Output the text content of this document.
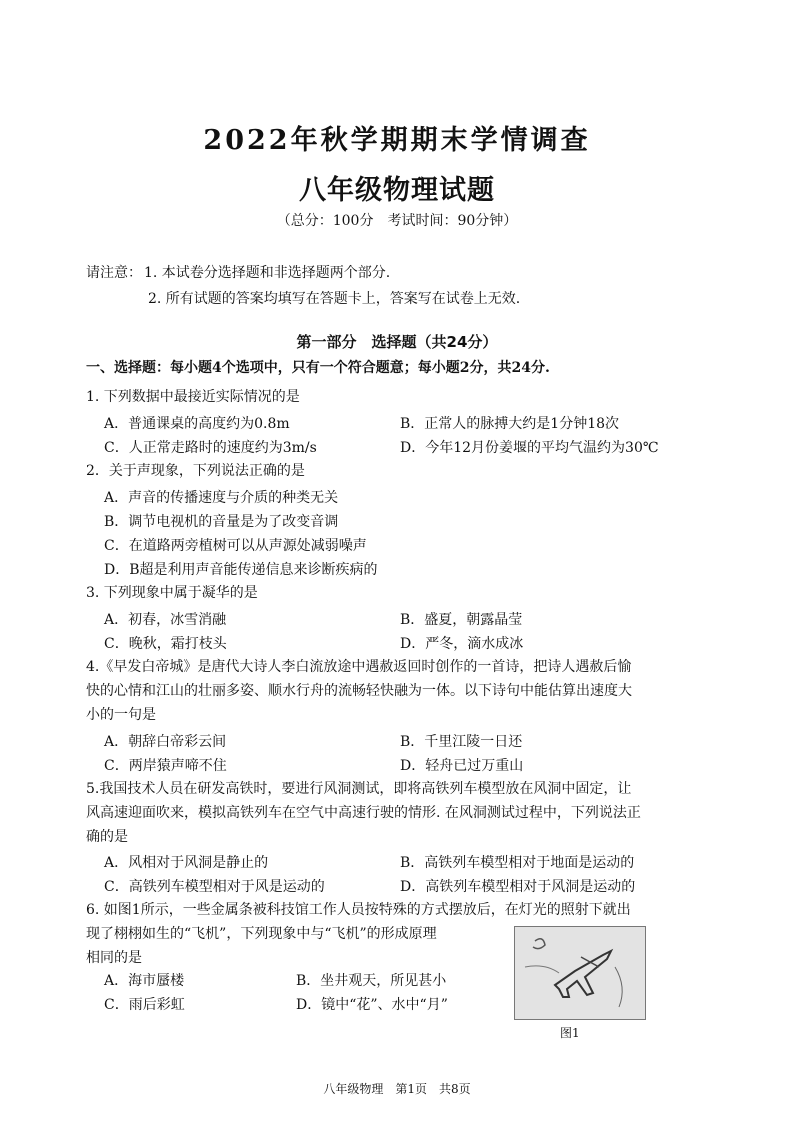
2022年秋学期期末学情调查
八年级物理试题
（总分：100分　考试时间：90分钟）
请注意： 1. 本试卷分选择题和非选择题两个部分.
2. 所有试题的答案均填写在答题卡上，答案写在试卷上无效.
第一部分　选择题（共24分）
一、选择题：每小题4个选项中，只有一个符合题意；每小题2分，共24分.
1. 下列数据中最接近实际情况的是
A．普通课桌的高度约为0.8m	B．正常人的脉搏大约是1分钟18次
C．人正常走路时的速度约为3m/s	D．今年12月份姜堰的平均气温约为30℃
2．关于声现象，下列说法正确的是
A．声音的传播速度与介质的种类无关
B．调节电视机的音量是为了改变音调
C．在道路两旁植树可以从声源处减弱噪声
D．B超是利用声音能传递信息来诊断疾病的
3. 下列现象中属于凝华的是
A．初春，冰雪消融	B．盛夏，朝露晶莹
C．晚秋，霜打枝头	D．严冬，滴水成冰
4.《早发白帝城》是唐代大诗人李白流放途中遇赦返回时创作的一首诗，把诗人遇赦后愉
快的心情和江山的壮丽多姿、顺水行舟的流畅轻快融为一体。以下诗句中能估算出速度大
小的一句是
A．朝辞白帝彩云间	B．千里江陵一日还
C．两岸猿声啼不住	D．轻舟已过万重山
5.我国技术人员在研发高铁时，要进行风洞测试，即将高铁列车模型放在风洞中固定，让
风高速迎面吹来，模拟高铁列车在空气中高速行驶的情形. 在风洞测试过程中，下列说法正
确的是
A．风相对于风洞是静止的	B．高铁列车模型相对于地面是运动的
C．高铁列车模型相对于风是运动的	D．高铁列车模型相对于风洞是运动的
6. 如图1所示，一些金属条被科技馆工作人员按特殊的方式摆放后，在灯光的照射下就出
现了栩栩如生的“飞机”，下列现象中与“飞机”的形成原理
相同的是
A．海市蜃楼	B．坐井观天，所见甚小
C．雨后彩虹	D．镜中“花”、水中“月”
图1
八年级物理　第1页　共8页
